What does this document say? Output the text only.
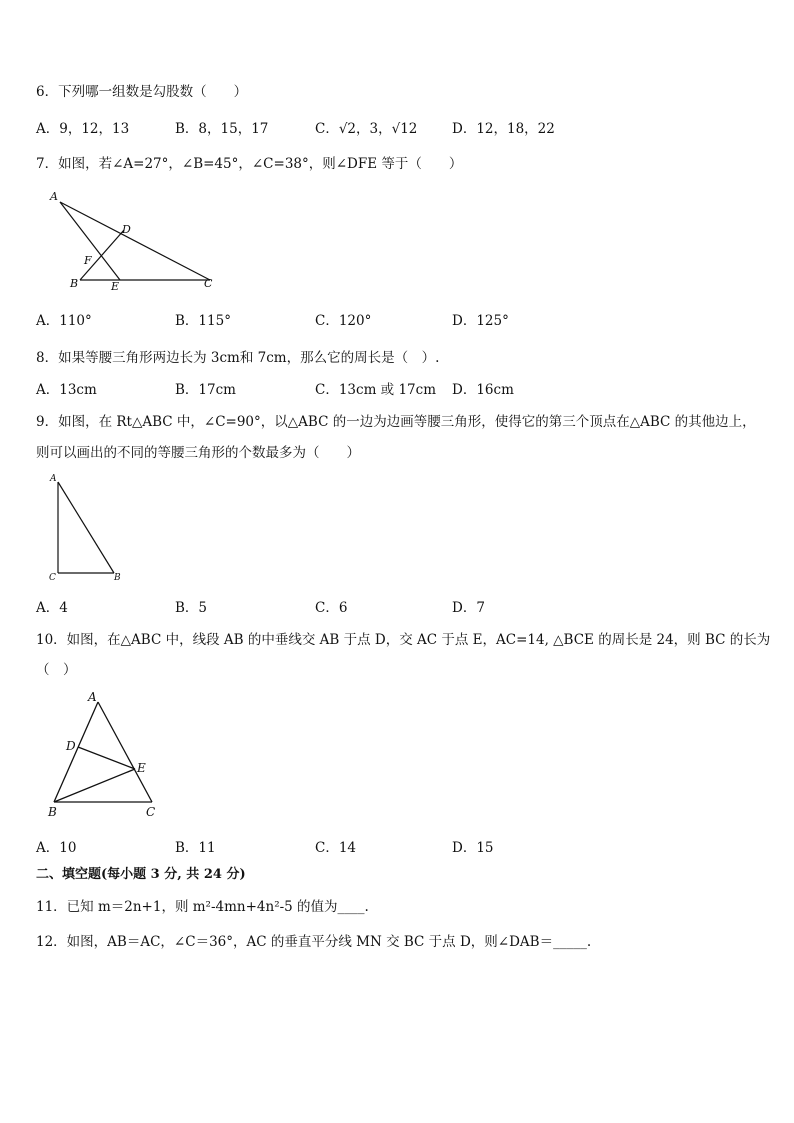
6．下列哪一组数是勾股数（　　）
A．9，12，13	B．8，15，17	C．√2，3，√12	D．12，18，22
7．如图，若∠A=27°，∠B=45°，∠C=38°，则∠DFE 等于（　　）
A
D
F
B	E	C
A．110°	B．115°	C．120°	D．125°
8．如果等腰三角形两边长为 3cm和 7cm，那么它的周长是（　）.
A．13cm	B．17cm	C．13cm 或 17cm D．16cm
9．如图，在 Rt△ABC 中，∠C=90°，以△ABC 的一边为边画等腰三角形，使得它的第三个顶点在△ABC 的其他边上，
则可以画出的不同的等腰三角形的个数最多为（　　）
A
C	B
A．4	B．5	C．6	D．7
10．如图，在△ABC 中，线段 AB 的中垂线交 AB 于点 D，交 AC 于点 E，AC=14, △BCE 的周长是 24，则 BC 的长为
（　）
A
D
E
B	C
A．10	B．11	C．14	D．15
二、填空题(每小题 3 分, 共 24 分)
11．已知 m＝2n+1，则 m²-4mn+4n²-5 的值为____.
12．如图，AB＝AC，∠C＝36°，AC 的垂直平分线 MN 交 BC 于点 D，则∠DAB＝_____.
